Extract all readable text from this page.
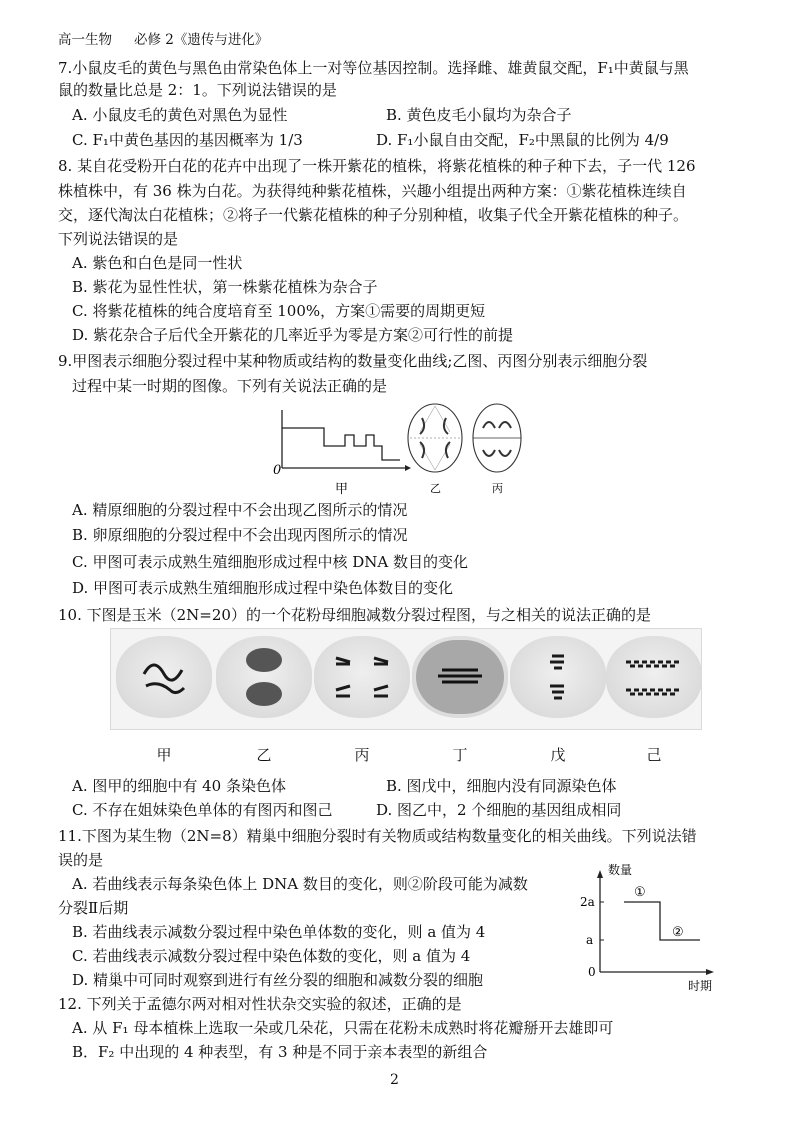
高一生物 必修 2《遗传与进化》
7.小鼠皮毛的黄色与黑色由常染色体上一对等位基因控制。选择雌、雄黄鼠交配，F₁中黄鼠与黑
鼠的数量比总是 2：1。下列说法错误的是
A. 小鼠皮毛的黄色对黑色为显性	B. 黄色皮毛小鼠均为杂合子
C. F₁中黄色基因的基因概率为 1/3	D. F₁小鼠自由交配，F₂中黑鼠的比例为 4/9
8. 某自花受粉开白花的花卉中出现了一株开紫花的植株，将紫花植株的种子种下去，子一代 126
株植株中，有 36 株为白花。为获得纯种紫花植株，兴趣小组提出两种方案：①紫花植株连续自
交，逐代淘汰白花植株；②将子一代紫花植株的种子分别种植，收集子代全开紫花植株的种子。
下列说法错误的是
A. 紫色和白色是同一性状
B. 紫花为显性性状，第一株紫花植株为杂合子
C. 将紫花植株的纯合度培育至 100%，方案①需要的周期更短
D. 紫花杂合子后代全开紫花的几率近乎为零是方案②可行性的前提
9.甲图表示细胞分裂过程中某种物质或结构的数量变化曲线;乙图、丙图分别表示细胞分裂
过程中某一时期的图像。下列有关说法正确的是
0
甲	乙	丙
A. 精原细胞的分裂过程中不会出现乙图所示的情况
B. 卵原细胞的分裂过程中不会出现丙图所示的情况
C. 甲图可表示成熟生殖细胞形成过程中核 DNA 数目的变化
D. 甲图可表示成熟生殖细胞形成过程中染色体数目的变化
10. 下图是玉米（2N=20）的一个花粉母细胞减数分裂过程图，与之相关的说法正确的是
甲	乙	丙	丁	戊	己
A. 图甲的细胞中有 40 条染色体	B. 图戊中，细胞内没有同源染色体
C. 不存在姐妹染色单体的有图丙和图己	D. 图乙中，2 个细胞的基因组成相同
11.下图为某生物（2N=8）精巢中细胞分裂时有关物质或结构数量变化的相关曲线。下列说法错
误的是
A. 若曲线表示每条染色体上 DNA 数目的变化，则②阶段可能为减数
分裂Ⅱ后期
B. 若曲线表示减数分裂过程中染色单体数的变化，则 a 值为 4
C. 若曲线表示减数分裂过程中染色体数的变化，则 a 值为 4
D. 精巢中可同时观察到进行有丝分裂的细胞和减数分裂的细胞
数量
2a
a
0
①
②
时期
12. 下列关于孟德尔两对相对性状杂交实验的叙述，正确的是
A. 从 F₁ 母本植株上选取一朵或几朵花，只需在花粉未成熟时将花瓣掰开去雄即可
B．F₂ 中出现的 4 种表型，有 3 种是不同于亲本表型的新组合
2
